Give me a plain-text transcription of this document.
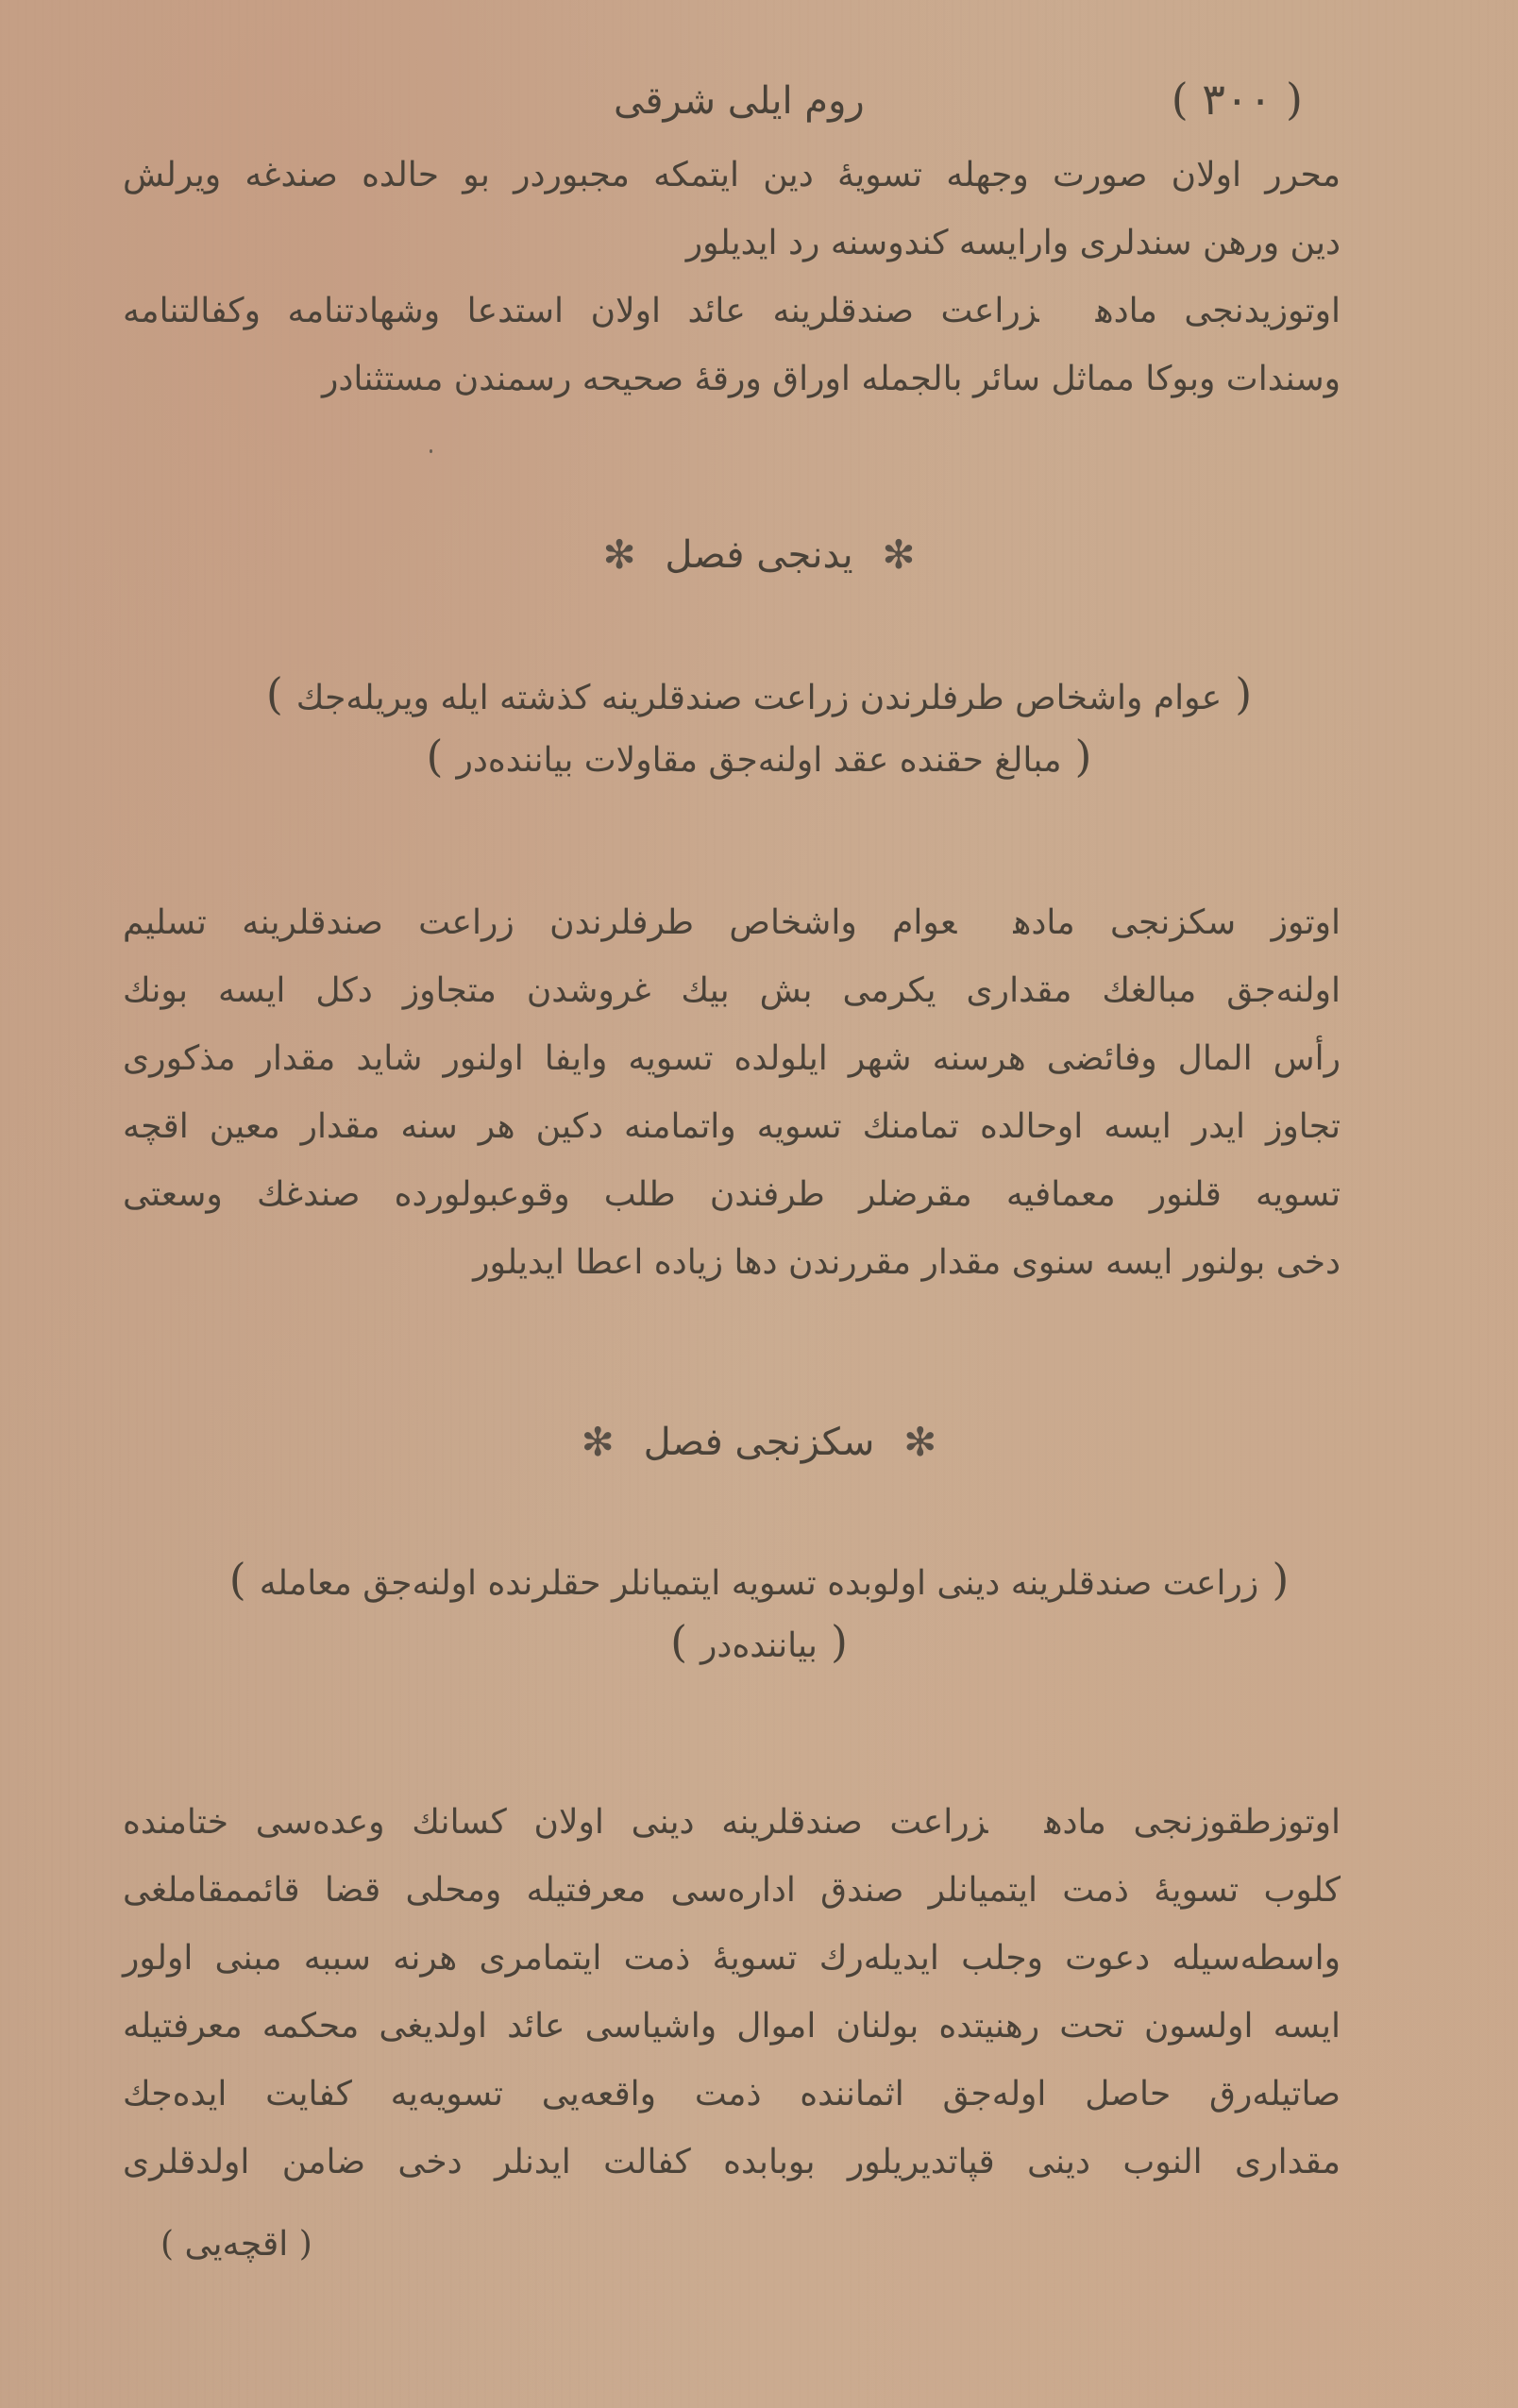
( ٣٠٠ )
روم ایلی شرقی
محرر اولان صورت وجهله تسویهٔ دین ایتمکه مجبوردر بو حالده صندغه ویرلش
دین ورهن سندلری وارایسه کندوسنه رد ایدیلور
اوتوزیدنجی مادهزراعت صندقلرینه عائد اولان استدعا وشهادتنامه وکفالتنامه
وسندات وبوکا مماثل سائر بالجمله اوراق ورقهٔ صحیحه رسمندن مستثنادر
✻ یدنجی فصل ✻
(عوام واشخاص طرفلرندن زراعت صندقلرینه کذشته ایله ویریله‌جك)
(مبالغ حقنده عقد اولنه‌جق مقاولات بیاننده‌در)
اوتوز سکزنجی مادهعوام واشخاص طرفلرندن زراعت صندقلرینه تسلیم
اولنه‌جق مبالغك مقداری یکرمی بش بیك غروشدن متجاوز دکل ایسه بونك
رأس المال وفائضی هرسنه شهر ایلولده تسویه وایفا اولنور شاید مقدار مذکوری
تجاوز ایدر ایسه اوحالده تمامنك تسویه واتمامنه دکین هر سنه مقدار معین اقچه
تسویه قلنور معمافیه مقرضلر طرفندن طلب وقوعبولورده صندغك وسعتی
دخی بولنور ایسه سنوی مقدار مقررندن دها زیاده اعطا ایدیلور
✻ سکزنجی فصل ✻
(زراعت صندقلرینه دینی اولوبده تسویه ایتمیانلر حقلرنده اولنه‌جق معامله)
(بیاننده‌در)
اوتوزطقوزنجی مادهزراعت صندقلرینه دینی اولان کسانك وعده‌سی ختامنده
کلوب تسویهٔ ذمت ایتمیانلر صندق اداره‌سی معرفتیله ومحلی قضا قائممقاملغی
واسطه‌سیله دعوت وجلب ایدیله‌رك تسویهٔ ذمت ایتمامری هرنه سببه مبنی اولور
ایسه اولسون تحت رهنیتده بولنان اموال واشیاسی عائد اولدیغی محکمه معرفتیله
صاتیله‌رق حاصل اوله‌جق اثماننده ذمت واقعه‌یی تسویه‌یه کفایت ایده‌جك
مقداری النوب دینی قپاتدیریلور بوبابده کفالت ایدنلر دخی ضامن اولدقلری
( اقچه‌یی )
